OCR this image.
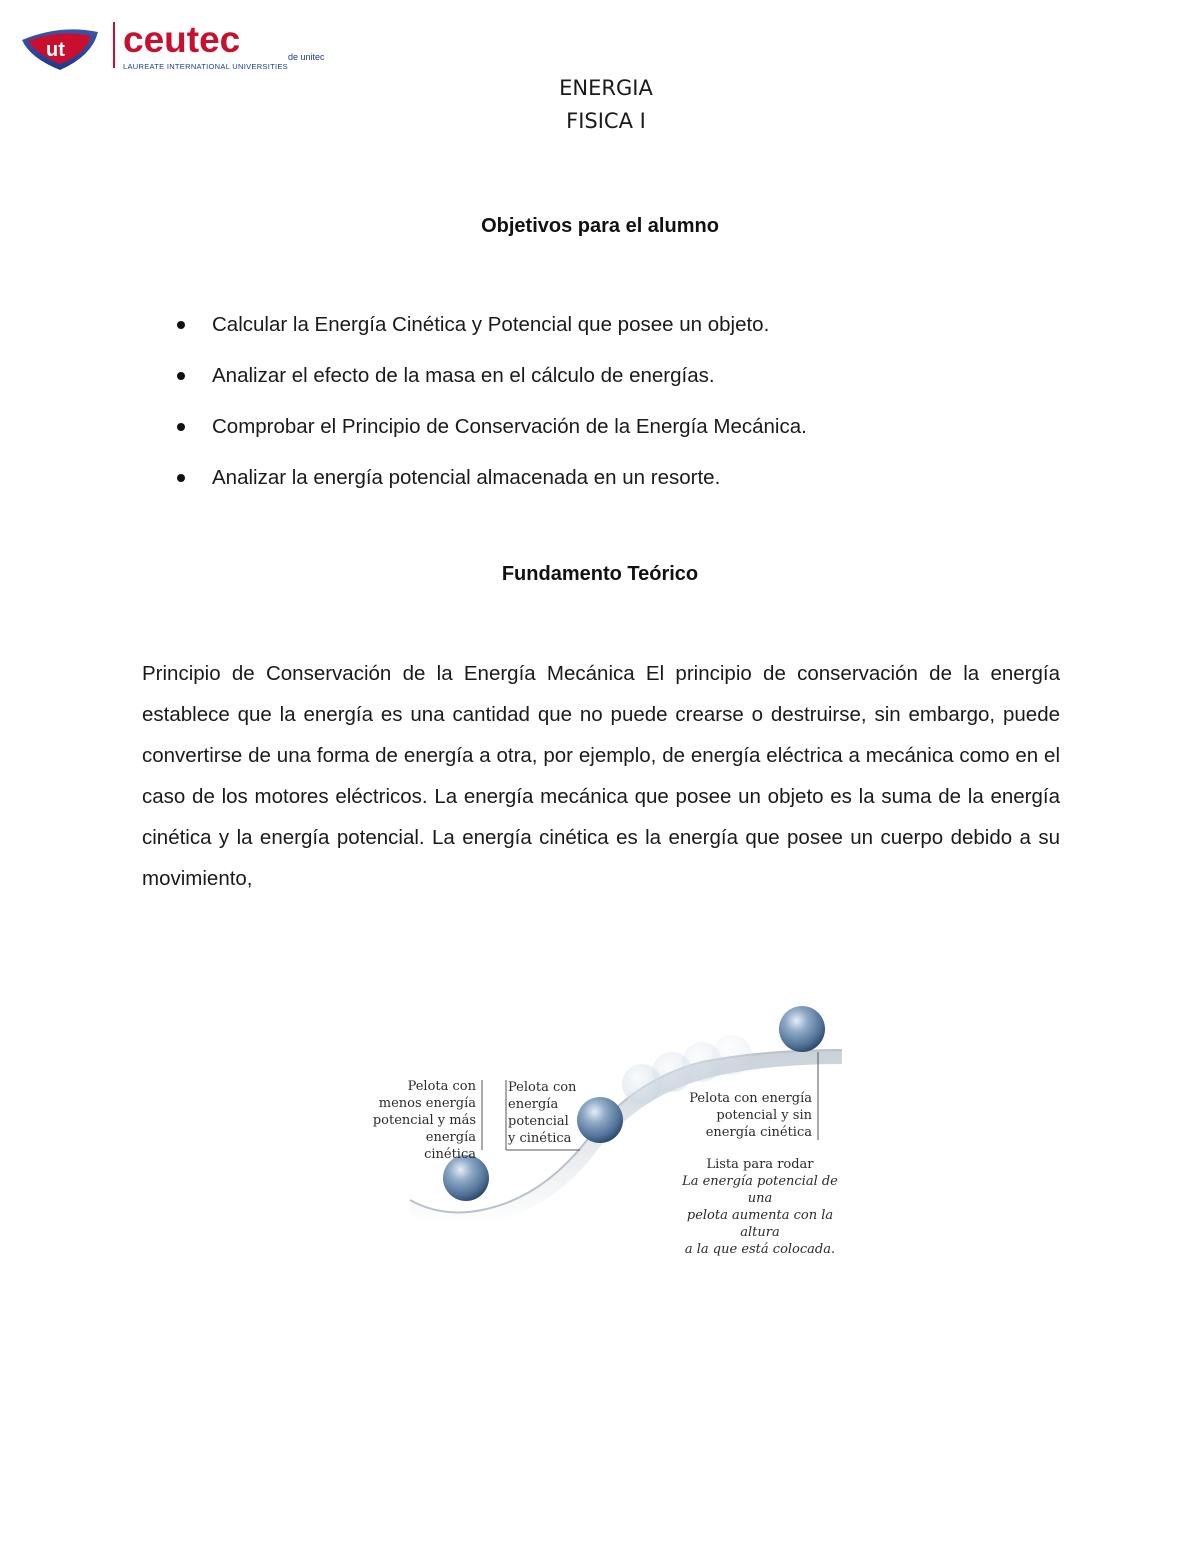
ut ceutec	de unitec
LAUREATE INTERNATIONAL UNIVERSITIES
ENERGIA
FISICA I
Objetivos para el alumno
Calcular la Energía Cinética y Potencial que posee un objeto.
Analizar el efecto de la masa en el cálculo de energías.
Comprobar el Principio de Conservación de la Energía Mecánica.
Analizar la energía potencial almacenada en un resorte.
Fundamento Teórico

Principio de Conservación de la Energía Mecánica El principio de conservación de la energía establece que la energía es una cantidad que no puede crearse o destruirse, sin embargo, puede convertirse de una forma de energía a otra, por ejemplo, de energía eléctrica a mecánica como en el caso de los motores eléctricos. La energía mecánica que posee un objeto es la suma de la energía cinética y la energía potencial. La energía cinética es la energía que posee un cuerpo debido a su movimiento,

Pelota con
menos energía
potencial y más
energía cinética
Pelota con
energía
potencial
y cinética
Pelota con energía
potencial y sin
energía cinética
Lista para rodar
La energía potencial de una
pelota aumenta con la altura
a la que está colocada.
